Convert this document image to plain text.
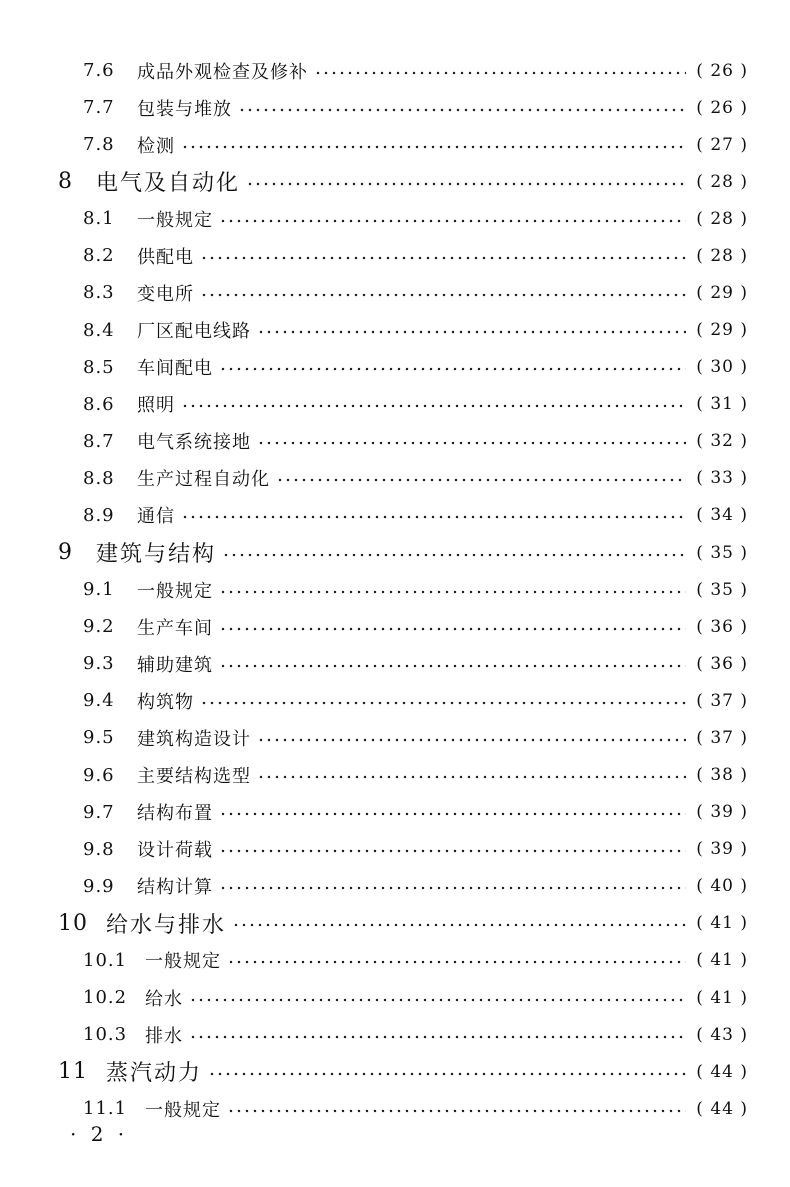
7.6	成品外观检查及修补	( 26 )
7.7	包装与堆放	( 26 )
7.8	检测	( 27 )
8	电气及自动化	( 28 )
8.1	一般规定	( 28 )
8.2	供配电	( 28 )
8.3	变电所	( 29 )
8.4	厂区配电线路	( 29 )
8.5	车间配电	( 30 )
8.6	照明	( 31 )
8.7	电气系统接地	( 32 )
8.8	生产过程自动化	( 33 )
8.9	通信	( 34 )
9	建筑与结构	( 35 )
9.1	一般规定	( 35 )
9.2	生产车间	( 36 )
9.3	辅助建筑	( 36 )
9.4	构筑物	( 37 )
9.5	建筑构造设计	( 37 )
9.6	主要结构选型	( 38 )
9.7	结构布置	( 39 )
9.8	设计荷载	( 39 )
9.9	结构计算	( 40 )
10 给水与排水	( 41 )
10.1 一般规定	( 41 )
10.2 给水	( 41 )
10.3 排水	( 43 )
11 蒸汽动力	( 44 )
11.1 一般规定	( 44 )
· 2 ·
